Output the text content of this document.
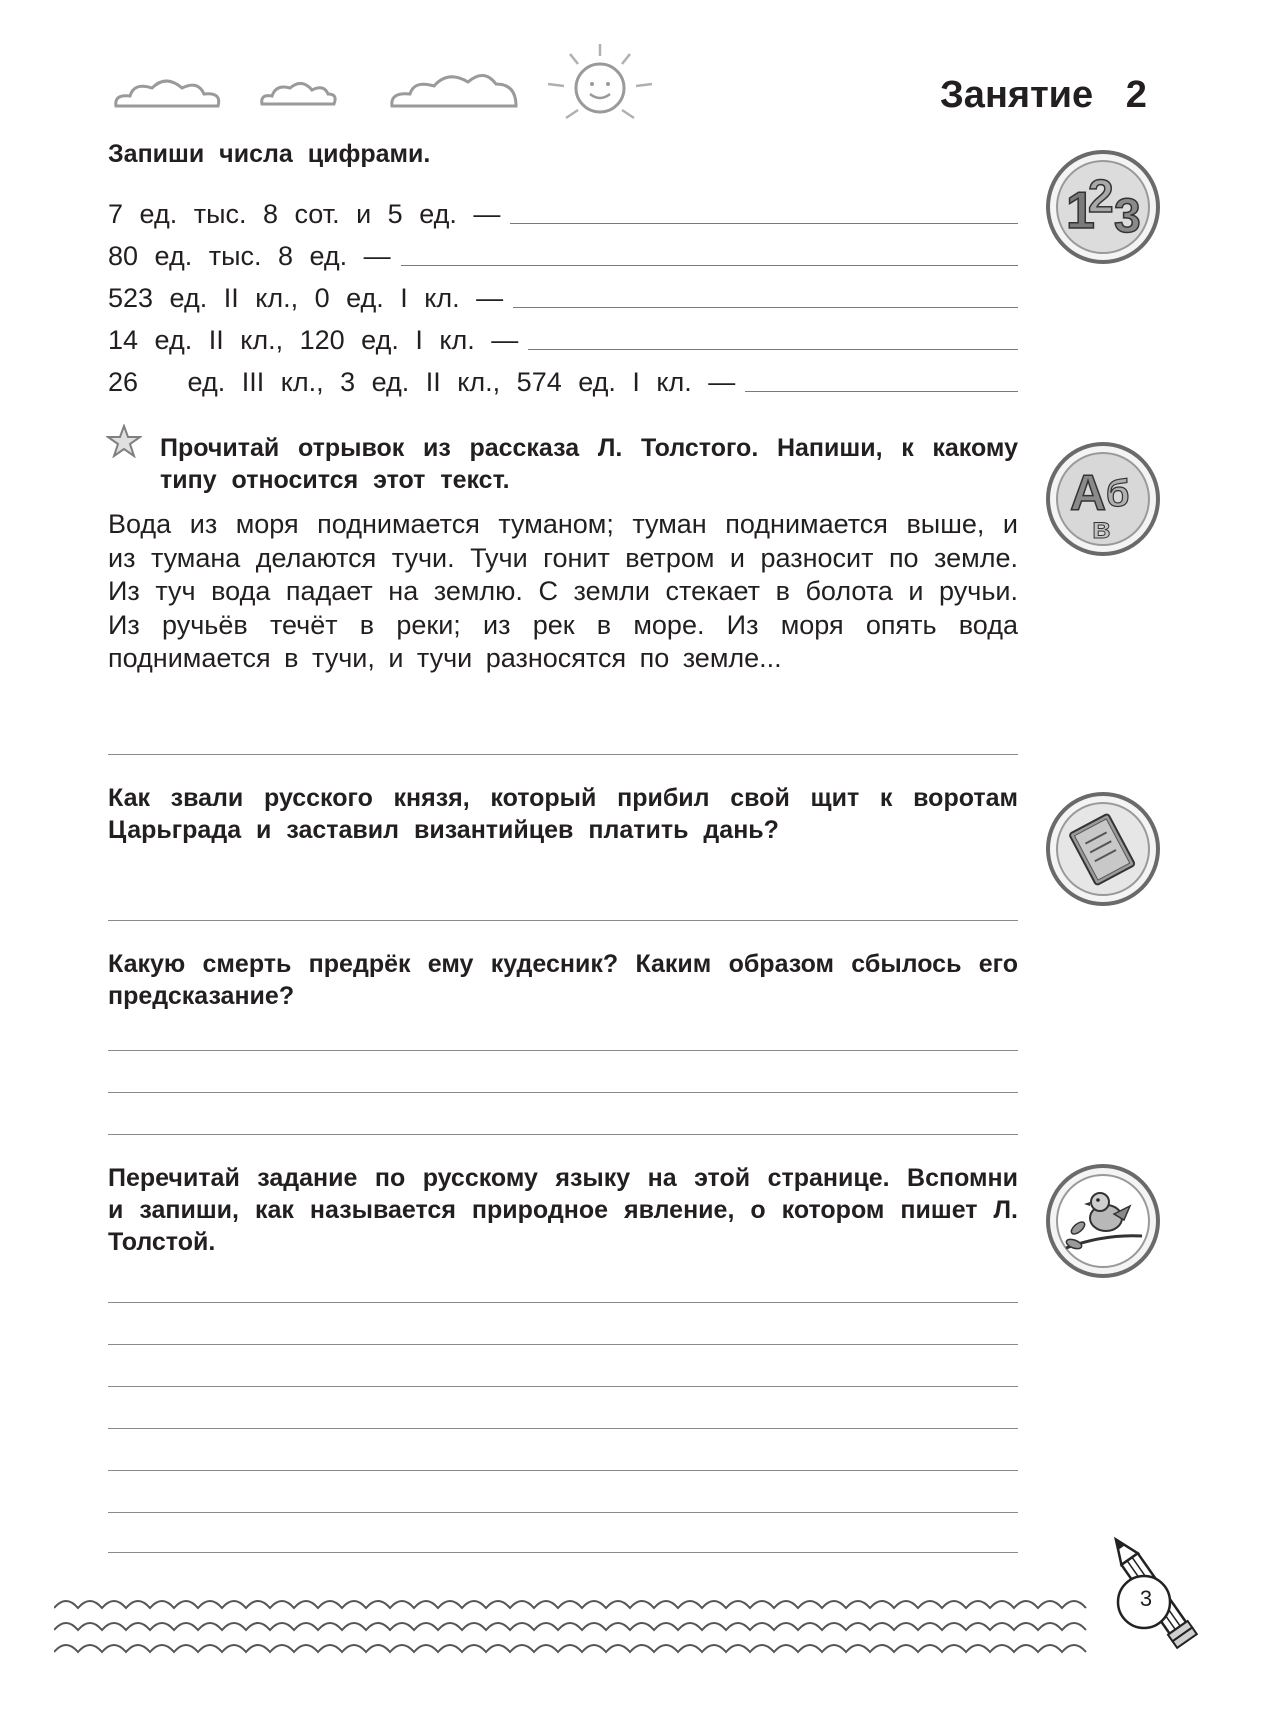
Занятие 2
Запиши числа цифрами.
7 ед. тыс. 8 сот. и 5 ед. —
80 ед. тыс. 8 ед. —
523 ед. II кл., 0 ед. I кл. —
14 ед. II кл., 120 ед. I кл. —
26   ед. III кл., 3 ед. II кл., 574 ед. I кл. —
1
2 3
Прочитай отрывок из рассказа Л. Толстого. Напиши, к какому типу относится этот текст.
Вода из моря поднимается туманом; туман поднимается выше, и из тумана делаются тучи. Тучи гонит ветром и разносит по земле. Из туч вода падает на землю. С земли стекает в болота и ручьи. Из ручьёв течёт в реки; из рек в море. Из моря опять вода поднимается в тучи, и тучи разносятся по земле...
А б
в
Как звали русского князя, который прибил свой щит к воротам Царьграда и заставил византийцев платить дань?
Какую смерть предрёк ему кудесник? Каким образом сбылось его предсказание?
Перечитай задание по русскому языку на этой странице. Вспомни и запиши, как называется природное явление, о котором пишет Л. Толстой.
3
